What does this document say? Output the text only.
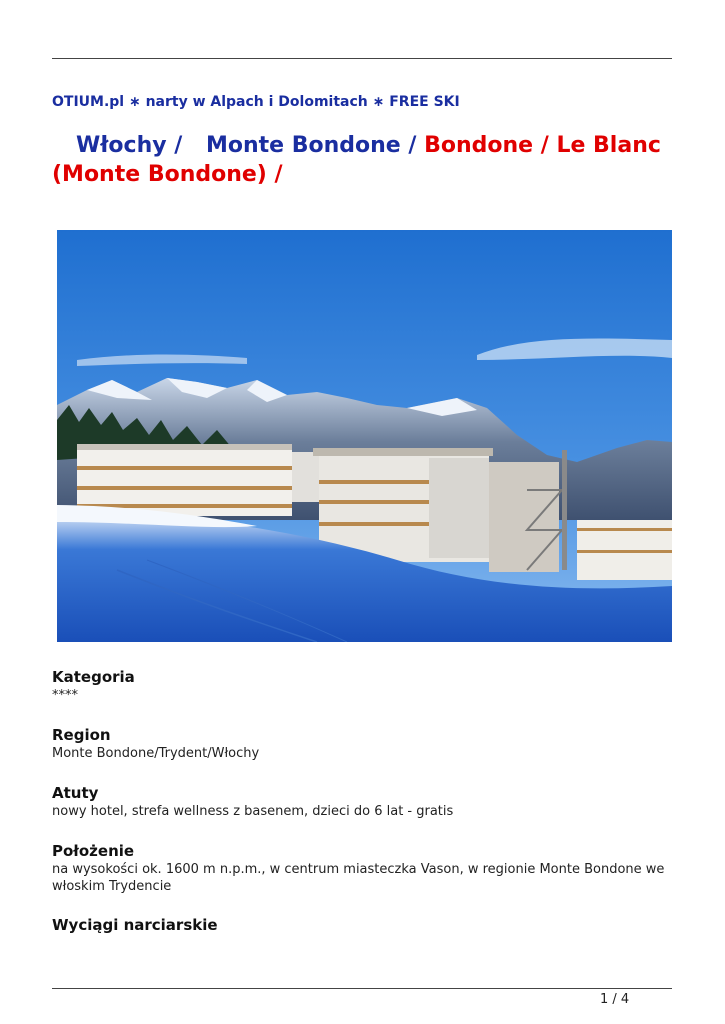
OTIUM.pl ∗ narty w Alpach i Dolomitach ∗ FREE SKI
Włochy / Monte Bondone / Bondone / Le Blanc
(Monte Bondone) /
Kategoria

****

Region

Monte Bondone/Trydent/Włochy

Atuty

nowy hotel, strefa wellness z basenem, dzieci do 6 lat - gratis

Położenie

na wysokości ok. 1600 m n.p.m., w centrum miasteczka Vason, w regionie Monte Bondone we włoskim Trydencie

Wyciągi narciarskie
1 / 4
